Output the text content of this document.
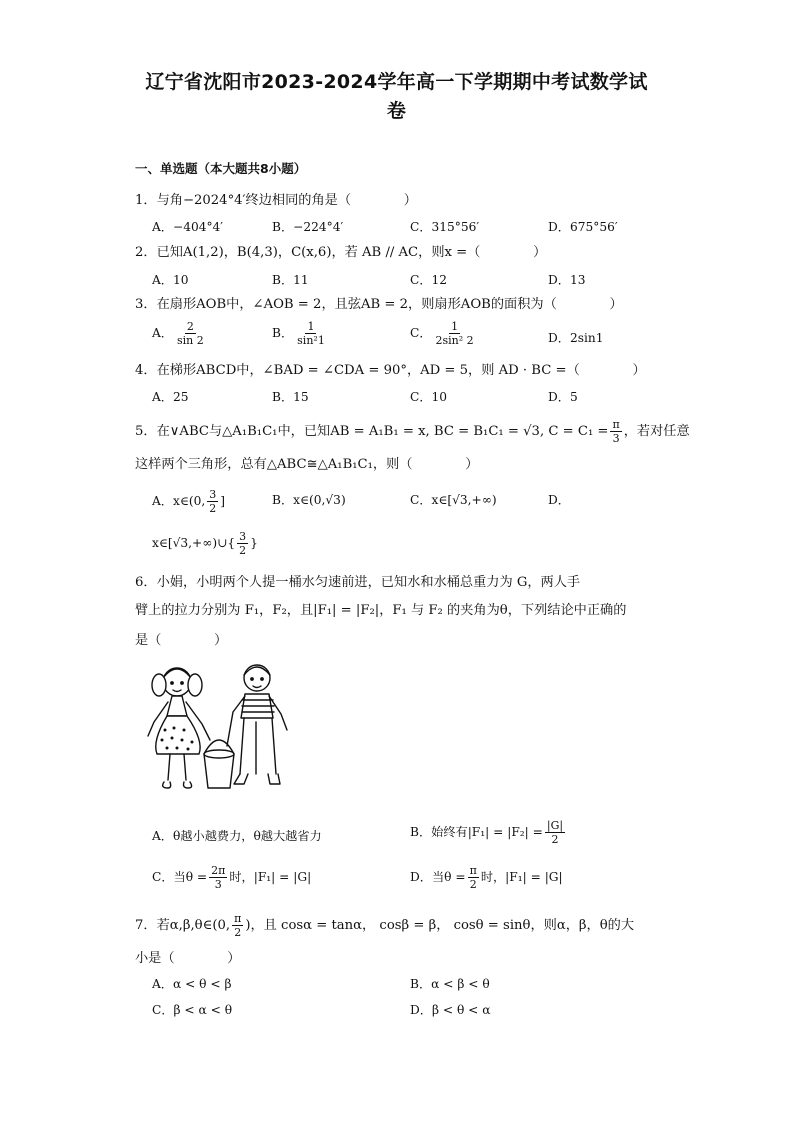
辽宁省沈阳市2023-2024学年高一下学期期中考试数学试
卷
一、单选题（本大题共8小题）
1．与角−2024°4′终边相同的角是（　　　　）
A．−404°4′	B．−224°4′	C．315°56′	D．675°56′
2．已知A(1,2)，B(4,3)，C(x,6)，若 AB // AC，则x =（　　　　）
A．10	B．11	C．12	D．13
3．在扇形AOB中，∠AOB = 2，且弦AB = 2，则扇形AOB的面积为（　　　　）
A． $\frac{2}{\sin 2}$	B． $\frac{1}{\text{sin²1}}$	C． $\frac{1}{\text{2sin² 2}}$	D．2sin1
4．在梯形ABCD中，∠BAD = ∠CDA = 90°，AD = 5，则 AD · BC =（　　　　）
A．25	B．15	C．10	D．5
5．在∨ABC与△A₁B₁C₁中，已知AB = A₁B₁ = x, BC = B₁C₁ = √3, $C = C_1 = \frac{\pi}{3}$ ，若对任意
这样两个三角形，总有△ABC≅△A₁B₁C₁，则（　　　　）
A．x∈(0, $\frac{3}{2}$ ]	B．x∈(0,√3)	C．x∈[√3,+∞)	D．
x∈[√3,+∞)∪{ $\frac{3}{2}$ }
6．小娟，小明两个人提一桶水匀速前进，已知水和水桶总重力为 G，两人手
臂上的拉力分别为 F₁，F₂，且|F₁| = |F₂|，F₁ 与 F₂ 的夹角为θ，下列结论中正确的
是（　　　　）
A．θ越小越费力，θ越大越省力	B．始终有$|F_1| = |F_2| = \frac{|G|}{2}$
C．当$\theta = \frac{2\pi}{3}$ 时，|F₁| = |G|	D．当$\theta = \frac{\pi}{2}$ 时，|F₁| = |G|
7．若α,β,θ∈(0, $\frac{\pi}{2}$ )，且 cosα = tanα， cosβ = β， cosθ = sinθ，则α，β，θ的大
小是（　　　　）
A．α < θ < β	B．α < β < θ
C．β < α < θ	D．β < θ < α
